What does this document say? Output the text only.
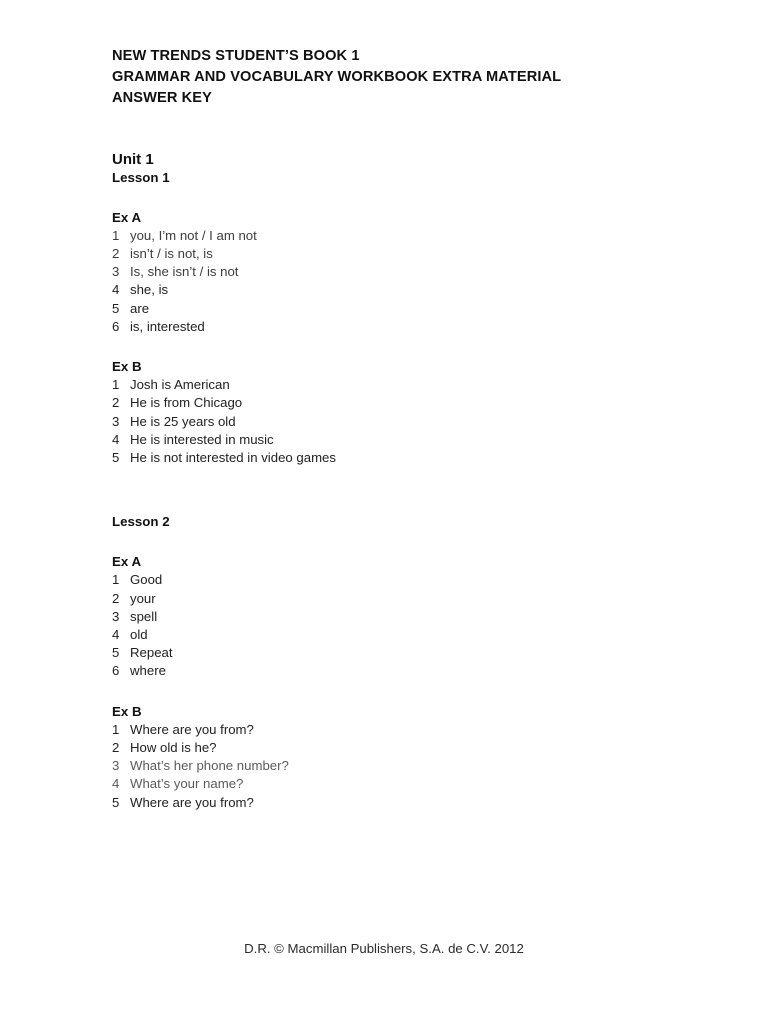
NEW TRENDS STUDENT’S BOOK 1
GRAMMAR AND VOCABULARY WORKBOOK EXTRA MATERIAL
ANSWER KEY
Unit 1
Lesson 1
Ex A
1 you, I’m not / I am not
2 isn’t / is not, is
3 Is, she isn’t / is not
4 she, is
5 are
6 is, interested
Ex B
1 Josh is American
2 He is from Chicago
3 He is 25 years old
4 He is interested in music
5 He is not interested in video games
Lesson 2
Ex A
1 Good
2 your
3 spell
4 old
5 Repeat
6 where
Ex B
1 Where are you from?
2 How old is he?
3 What’s her phone number?
4 What’s your name?
5 Where are you from?
D.R. © Macmillan Publishers, S.A. de C.V. 2012
